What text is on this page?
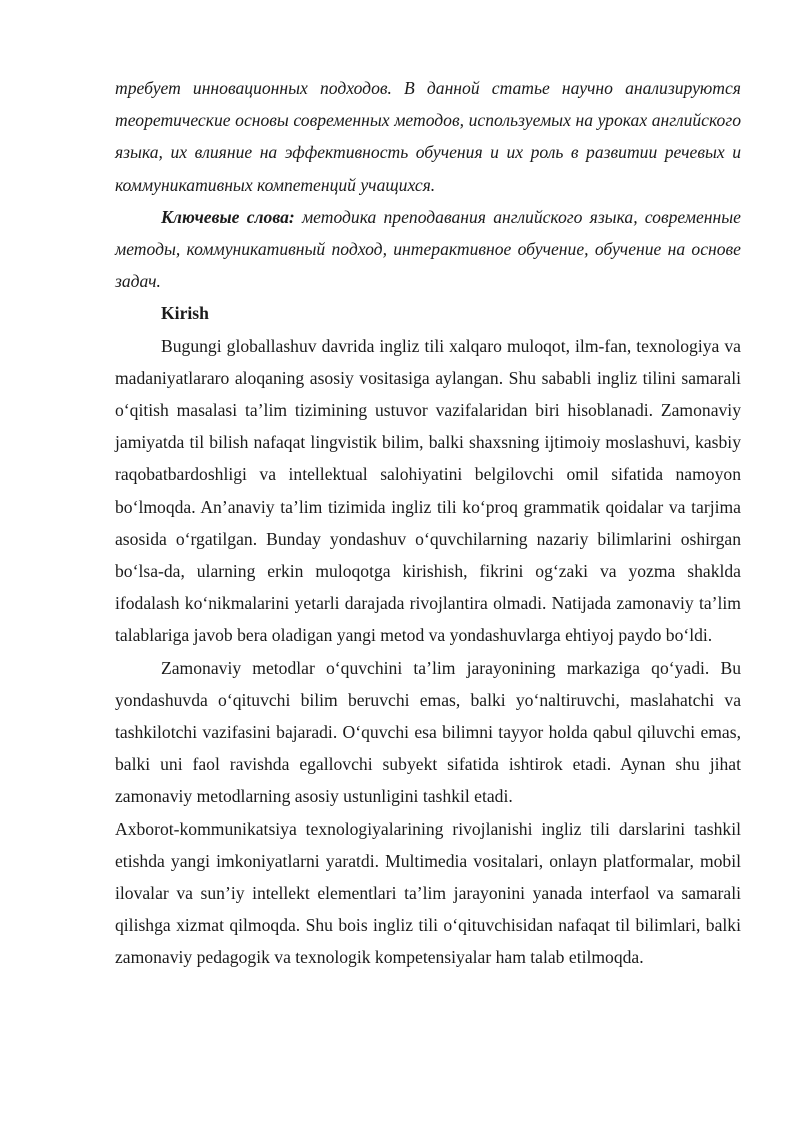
требует инновационных подходов. В данной статье научно анализируются теоретические основы современных методов, используемых на уроках английского языка, их влияние на эффективность обучения и их роль в развитии речевых и коммуникативных компетенций учащихся.

Ключевые слова: методика преподавания английского языка, современные методы, коммуникативный подход, интерактивное обучение, обучение на основе задач.

Kirish

Bugungi globallashuv davrida ingliz tili xalqaro muloqot, ilm-fan, texnologiya va madaniyatlararo aloqaning asosiy vositasiga aylangan. Shu sababli ingliz tilini samarali o‘qitish masalasi ta’lim tizimining ustuvor vazifalaridan biri hisoblanadi. Zamonaviy jamiyatda til bilish nafaqat lingvistik bilim, balki shaxsning ijtimoiy moslashuvi, kasbiy raqobatbardoshligi va intellektual salohiyatini belgilovchi omil sifatida namoyon bo‘lmoqda. An’anaviy ta’lim tizimida ingliz tili ko‘proq grammatik qoidalar va tarjima asosida o‘rgatilgan. Bunday yondashuv o‘quvchilarning nazariy bilimlarini oshirgan bo‘lsa-da, ularning erkin muloqotga kirishish, fikrini og‘zaki va yozma shaklda ifodalash ko‘nikmalarini yetarli darajada rivojlantira olmadi. Natijada zamonaviy ta’lim talablariga javob bera oladigan yangi metod va yondashuvlarga ehtiyoj paydo bo‘ldi.

Zamonaviy metodlar o‘quvchini ta’lim jarayonining markaziga qo‘yadi. Bu yondashuvda o‘qituvchi bilim beruvchi emas, balki yo‘naltiruvchi, maslahatchi va tashkilotchi vazifasini bajaradi. O‘quvchi esa bilimni tayyor holda qabul qiluvchi emas, balki uni faol ravishda egallovchi subyekt sifatida ishtirok etadi. Aynan shu jihat zamonaviy metodlarning asosiy ustunligini tashkil etadi.

Axborot-kommunikatsiya texnologiyalarining rivojlanishi ingliz tili darslarini tashkil etishda yangi imkoniyatlarni yaratdi. Multimedia vositalari, onlayn platformalar, mobil ilovalar va sun’iy intellekt elementlari ta’lim jarayonini yanada interfaol va samarali qilishga xizmat qilmoqda. Shu bois ingliz tili o‘qituvchisidan nafaqat til bilimlari, balki zamonaviy pedagogik va texnologik kompetensiyalar ham talab etilmoqda.
